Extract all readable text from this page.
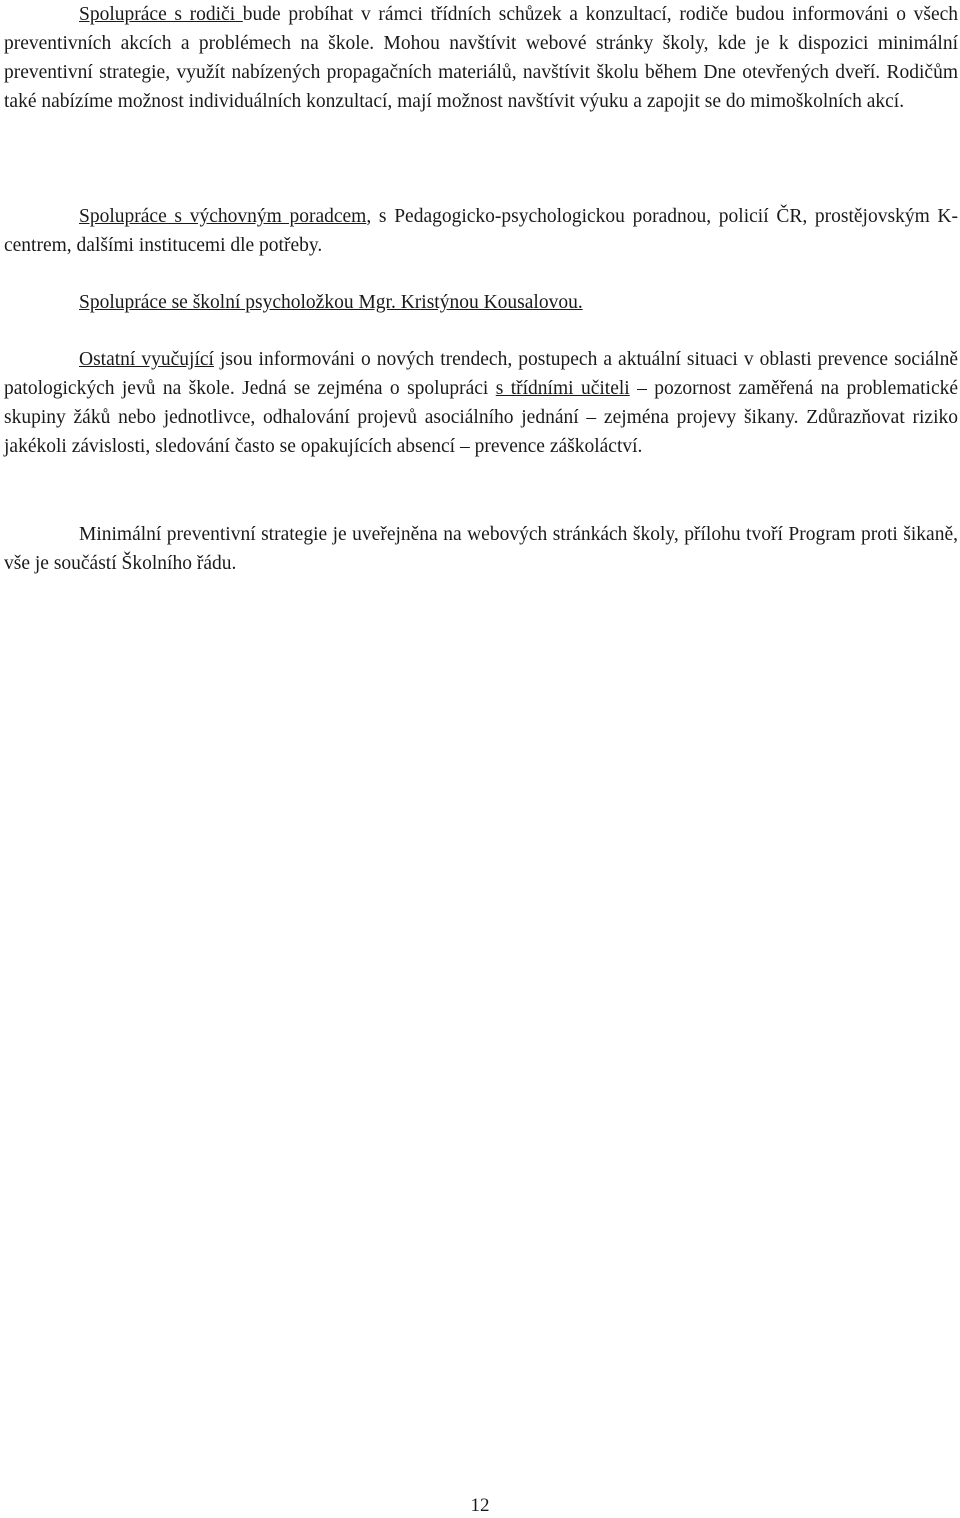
Spolupráce s rodiči bude probíhat v rámci třídních schůzek a konzultací, rodiče budou informováni o všech preventivních akcích a problémech na škole. Mohou navštívit webové stránky školy, kde je k dispozici minimální preventivní strategie, využít nabízených propagačních materiálů, navštívit školu během Dne otevřených dveří. Rodičům také nabízíme možnost individuálních konzultací, mají možnost navštívit výuku a zapojit se do mimoškolních akcí.

Spolupráce s výchovným poradcem, s Pedagogicko-psychologickou poradnou, policií ČR, prostějovským K-centrem, dalšími institucemi dle potřeby.

Spolupráce se školní psycholožkou Mgr. Kristýnou Kousalovou.

Ostatní vyučující jsou informováni o nových trendech, postupech a aktuální situaci v oblasti prevence sociálně patologických jevů na škole. Jedná se zejména o spolupráci s třídními učiteli – pozornost zaměřená na problematické skupiny žáků nebo jednotlivce, odhalování projevů asociálního jednání – zejména projevy šikany. Zdůrazňovat riziko jakékoli závislosti, sledování často se opakujících absencí – prevence záškoláctví.

Minimální preventivní strategie je uveřejněna na webových stránkách školy, přílohu tvoří Program proti šikaně, vše je součástí Školního řádu.

12
